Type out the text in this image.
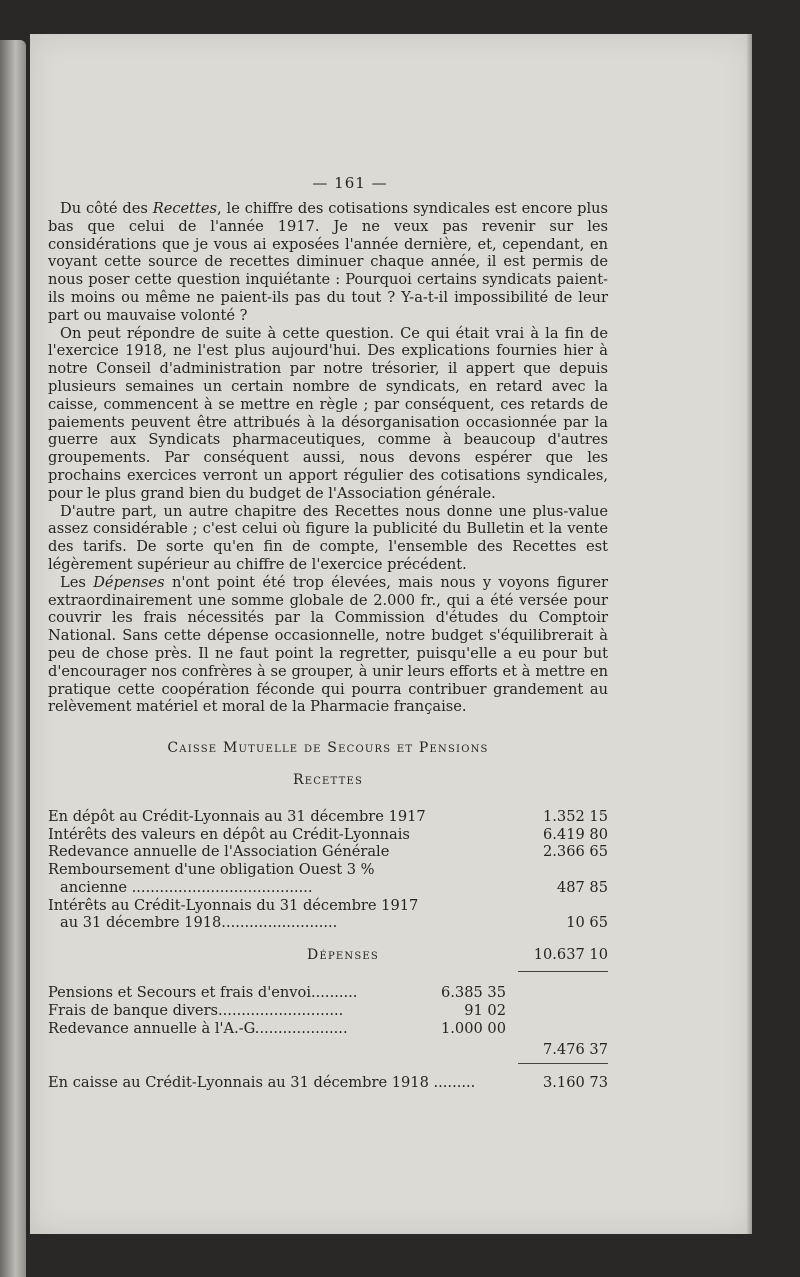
— 161 —

Du côté des Recettes, le chiffre des cotisations syndicales est encore plus bas que celui de l'année 1917. Je ne veux pas revenir sur les considérations que je vous ai exposées l'année dernière, et, cependant, en voyant cette source de recettes diminuer chaque année, il est permis de nous poser cette question inquiétante : Pourquoi certains syndicats paient-ils moins ou même ne paient-ils pas du tout ? Y-a-t-il impossibilité de leur part ou mauvaise volonté ?

On peut répondre de suite à cette question. Ce qui était vrai à la fin de l'exercice 1918, ne l'est plus aujourd'hui. Des explications fournies hier à notre Conseil d'administration par notre trésorier, il appert que depuis plusieurs semaines un certain nombre de syndicats, en retard avec la caisse, commencent à se mettre en règle ; par conséquent, ces retards de paiements peuvent être attribués à la désorganisation occasionnée par la guerre aux Syndicats pharmaceutiques, comme à beaucoup d'autres groupements. Par conséquent aussi, nous devons espérer que les prochains exercices verront un apport régulier des cotisations syndicales, pour le plus grand bien du budget de l'Association générale.

D'autre part, un autre chapitre des Recettes nous donne une plus-value assez considérable ; c'est celui où figure la publicité du Bulletin et la vente des tarifs. De sorte qu'en fin de compte, l'ensemble des Recettes est légèrement supérieur au chiffre de l'exercice précédent.

Les Dépenses n'ont point été trop élevées, mais nous y voyons figurer extraordinairement une somme globale de 2.000 fr., qui a été versée pour couvrir les frais nécessités par la Commission d'études du Comptoir National. Sans cette dépense occasionnelle, notre budget s'équilibrerait à peu de chose près. Il ne faut point la regretter, puisqu'elle a eu pour but d'encourager nos confrères à se grouper, à unir leurs efforts et à mettre en pratique cette coopération féconde qui pourra contribuer grandement au relèvement matériel et moral de la Pharmacie française.

Caisse Mutuelle de Secours et Pensions
Recettes
En dépôt au Crédit-Lyonnais au 31 décembre 1917	1.352 15
Intérêts des valeurs en dépôt au Crédit-Lyonnais	6.419 80
Redevance annuelle de l'Association Générale	2.366 65
Remboursement d'une obligation Ouest 3 %
ancienne .......................................	487 85
Intérêts au Crédit-Lyonnais du 31 décembre 1917
au 31 décembre 1918.........................	10 65
Dépenses	10.637 10
Pensions et Secours et frais d'envoi..........	6.385 35
Frais de banque divers...........................	91 02
Redevance annuelle à l'A.-G....................	1.000 00
7.476 37
En caisse au Crédit-Lyonnais au 31 décembre 1918 .........	3.160 73
